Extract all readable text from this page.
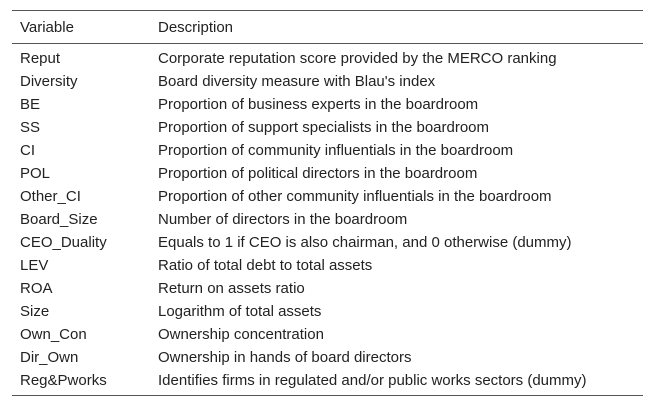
Variable	Description
Reput	Corporate reputation score provided by the MERCO ranking
Diversity	Board diversity measure with Blau's index
BE	Proportion of business experts in the boardroom
SS	Proportion of support specialists in the boardroom
CI	Proportion of community influentials in the boardroom
POL	Proportion of political directors in the boardroom
Other_CI	Proportion of other community influentials in the boardroom
Board_Size	Number of directors in the boardroom
CEO_Duality	Equals to 1 if CEO is also chairman, and 0 otherwise (dummy)
LEV	Ratio of total debt to total assets
ROA	Return on assets ratio
Size	Logarithm of total assets
Own_Con	Ownership concentration
Dir_Own	Ownership in hands of board directors
Reg&Pworks	Identifies firms in regulated and/or public works sectors (dummy)
